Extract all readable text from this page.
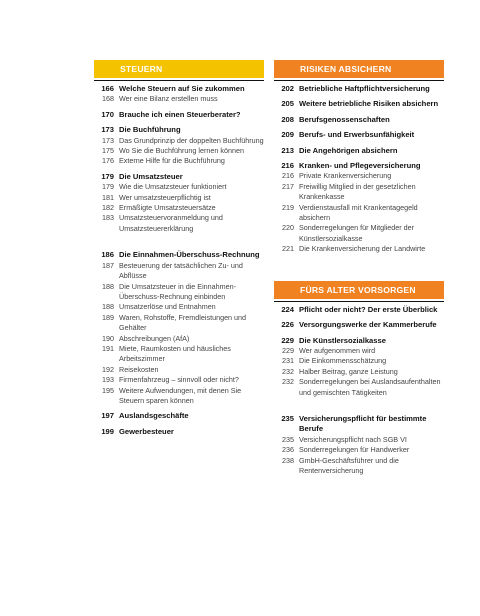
STEUERN
166 Welche Steuern auf Sie zukommen
168 Wer eine Bilanz erstellen muss
170 Brauche ich einen Steuerberater?
173 Die Buchführung
173 Das Grundprinzip der doppelten Buchführung
175 Wo Sie die Buchführung lernen können
176 Externe Hilfe für die Buchführung
179 Die Umsatzsteuer
179 Wie die Umsatzsteuer funktioniert
181 Wer umsatzsteuerpflichtig ist
182 Ermäßigte Umsatzsteuersätze
183 Umsatzsteuervoranmeldung und Umsatzsteuererklärung
186 Die Einnahmen-Überschuss-Rechnung
187 Besteuerung der tatsächlichen Zu- und Abflüsse
188 Die Umsatzsteuer in die Einnahmen-Überschuss-Rechnung einbinden
188 Umsatzerlöse und Entnahmen
189 Waren, Rohstoffe, Fremdleistungen und Gehälter
190 Abschreibungen (AfA)
191 Miete, Raumkosten und häusliches Arbeitszimmer
192 Reisekosten
193 Firmenfahrzeug – sinnvoll oder nicht?
195 Weitere Aufwendungen, mit denen Sie Steuern sparen können
197 Auslandsgeschäfte
199 Gewerbesteuer
RISIKEN ABSICHERN
202 Betriebliche Haftpflichtversicherung
205 Weitere betriebliche Risiken absichern
208 Berufsgenossenschaften
209 Berufs- und Erwerbsunfähigkeit
213 Die Angehörigen absichern
216 Kranken- und Pflegeversicherung
216 Private Krankenversicherung
217 Freiwillig Mitglied in der gesetzlichen Krankenkasse
219 Verdienstausfall mit Krankentagegeld absichern
220 Sonderregelungen für Mitglieder der Künstlersozialkasse
221 Die Krankenversicherung der Landwirte
FÜRS ALTER VORSORGEN
224 Pflicht oder nicht? Der erste Überblick
226 Versorgungswerke der Kammerberufe
229 Die Künstlersozialkasse
229 Wer aufgenommen wird
231 Die Einkommensschätzung
232 Halber Beitrag, ganze Leistung
232 Sonderregelungen bei Auslandsaufenthalten und gemischten Tätigkeiten
235 Versicherungspflicht für bestimmte Berufe
235 Versicherungspflicht nach SGB VI
236 Sonderregelungen für Handwerker
238 GmbH-Geschäftsführer und die Rentenversicherung
